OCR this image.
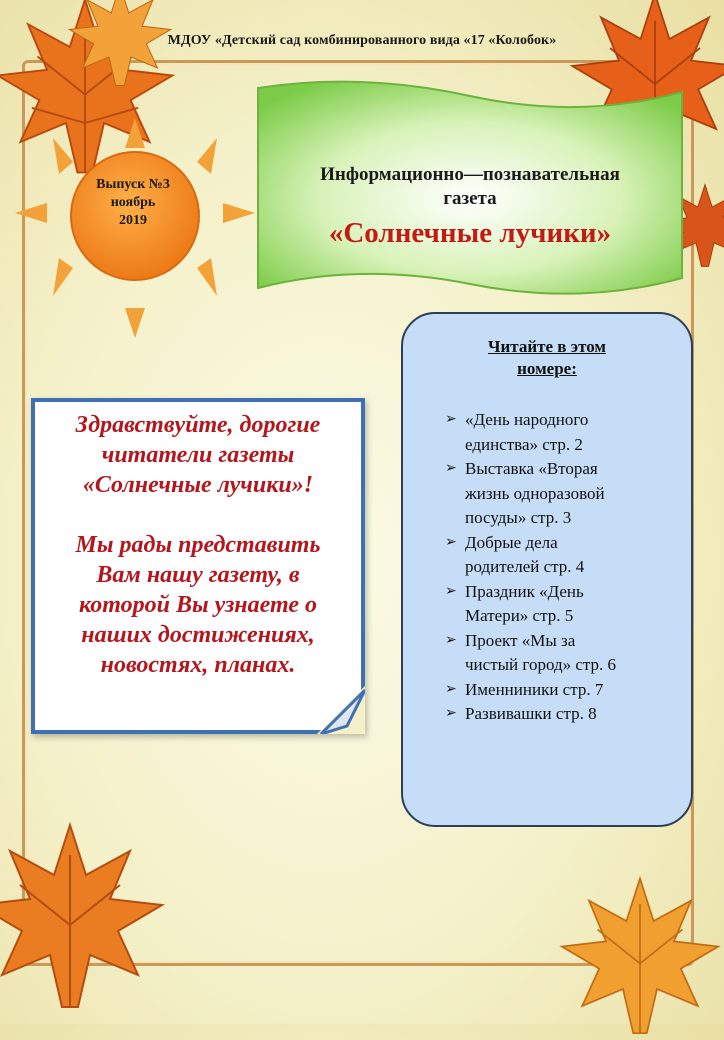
МДОУ «Детский сад комбинированного вида «17 «Колобок»
Выпуск №3
ноябрь
2019
Информационно—познавательная
газета
«Солнечные лучики»

Здравствуйте, дорогие

читатели газеты

«Солнечные лучики»!

Мы рады представить

Вам нашу газету, в

которой Вы узнаете о

наших достижениях,

новостях, планах.

Читайте в этом
номере:
➢ «День народного
единства» стр. 2
➢ Выставка «Вторая
жизнь одноразовой
посуды» стр. 3
➢ Добрые дела
родителей стр. 4
➢ Праздник «День
Матери» стр. 5
➢ Проект «Мы за
чистый город» стр. 6
➢ Именниники стр. 7
➢ Развивашки стр. 8
